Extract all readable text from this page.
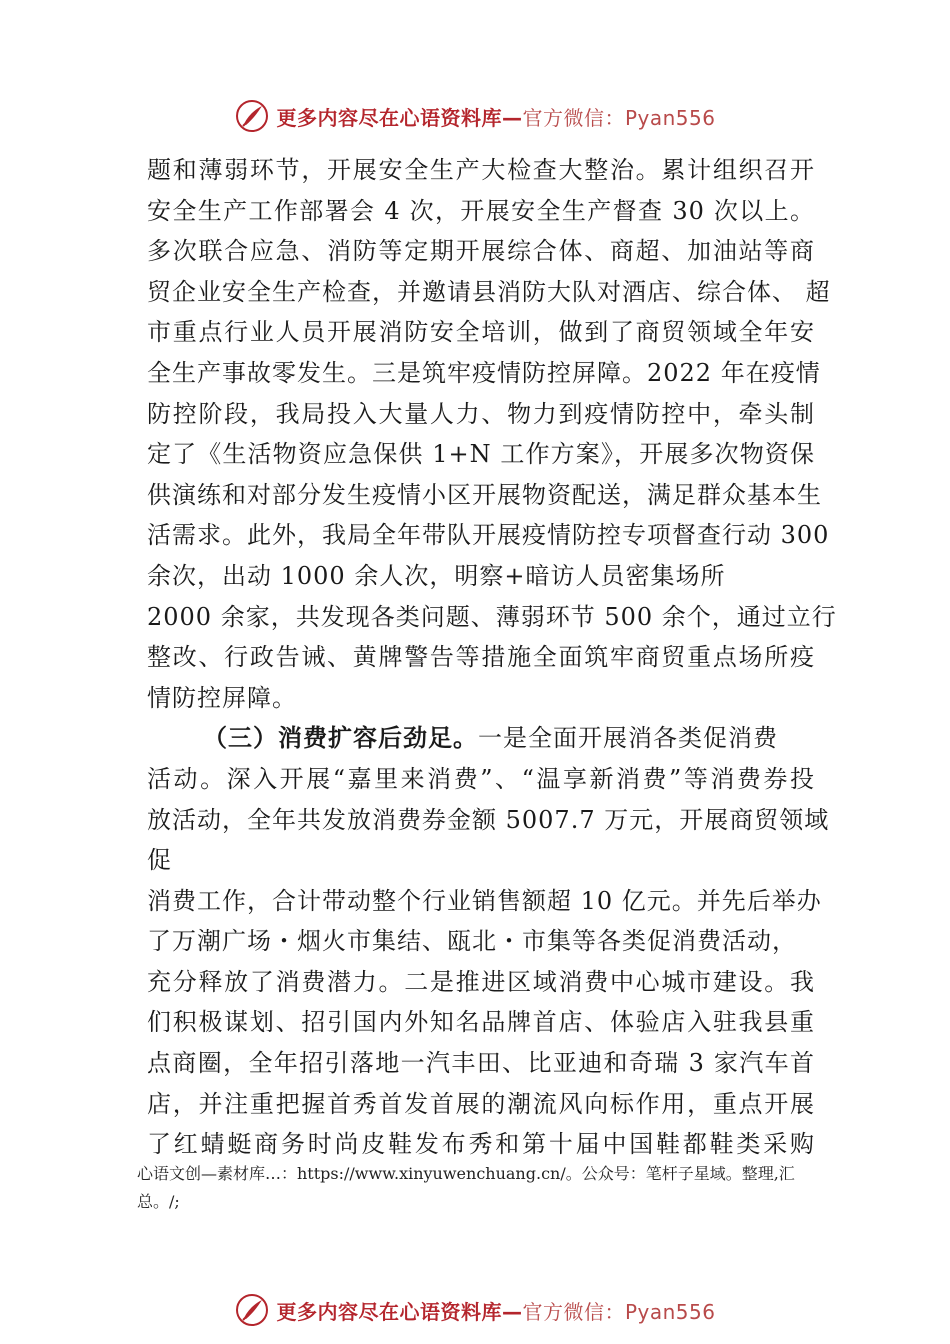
更多内容尽在心语资料库— 官方微信：Pyan556
题和薄弱环节，开展安全生产大检查大整治。累计组织召开
安全生产工作部署会 4 次，开展安全生产督查 30 次以上。
多次联合应急、消防等定期开展综合体、商超、加油站等商
贸企业安全生产检查，并邀请县消防大队对酒店、综合体、 超
市重点行业人员开展消防安全培训，做到了商贸领域全年安
全生产事故零发生。三是筑牢疫情防控屏障。2022 年在疫情
防控阶段，我局投入大量人力、物力到疫情防控中，牵头制
定了《生活物资应急保供 1+N 工作方案》，开展多次物资保
供演练和对部分发生疫情小区开展物资配送，满足群众基本生
活需求。此外，我局全年带队开展疫情防控专项督查行动 300
余次，出动 1000 余人次，明察+暗访人员密集场所
2000 余家，共发现各类问题、薄弱环节 500 余个，通过立行
整改、行政告诫、黄牌警告等措施全面筑牢商贸重点场所疫
情防控屏障。
（三）消费扩容后劲足。一是全面开展消各类促消费
活动。深入开展“嘉里来消费”、“温享新消费”等消费券投
放活动，全年共发放消费券金额 5007.7 万元，开展商贸领域
促
消费工作，合计带动整个行业销售额超 10 亿元。并先后举办
了万潮广场・烟火市集结、瓯北・市集等各类促消费活动，
充分释放了消费潜力。二是推进区域消费中心城市建设。我
们积极谋划、招引国内外知名品牌首店、体验店入驻我县重
点商圈，全年招引落地一汽丰田、比亚迪和奇瑞 3 家汽车首
店，并注重把握首秀首发首展的潮流风向标作用，重点开展
了红蜻蜓商务时尚皮鞋发布秀和第十届中国鞋都鞋类采购
心语文创—素材库…：https://www.xinyuwenchuang.cn/。公众号：笔杆子星域。整理,汇
总。/;
更多内容尽在心语资料库— 官方微信：Pyan556
